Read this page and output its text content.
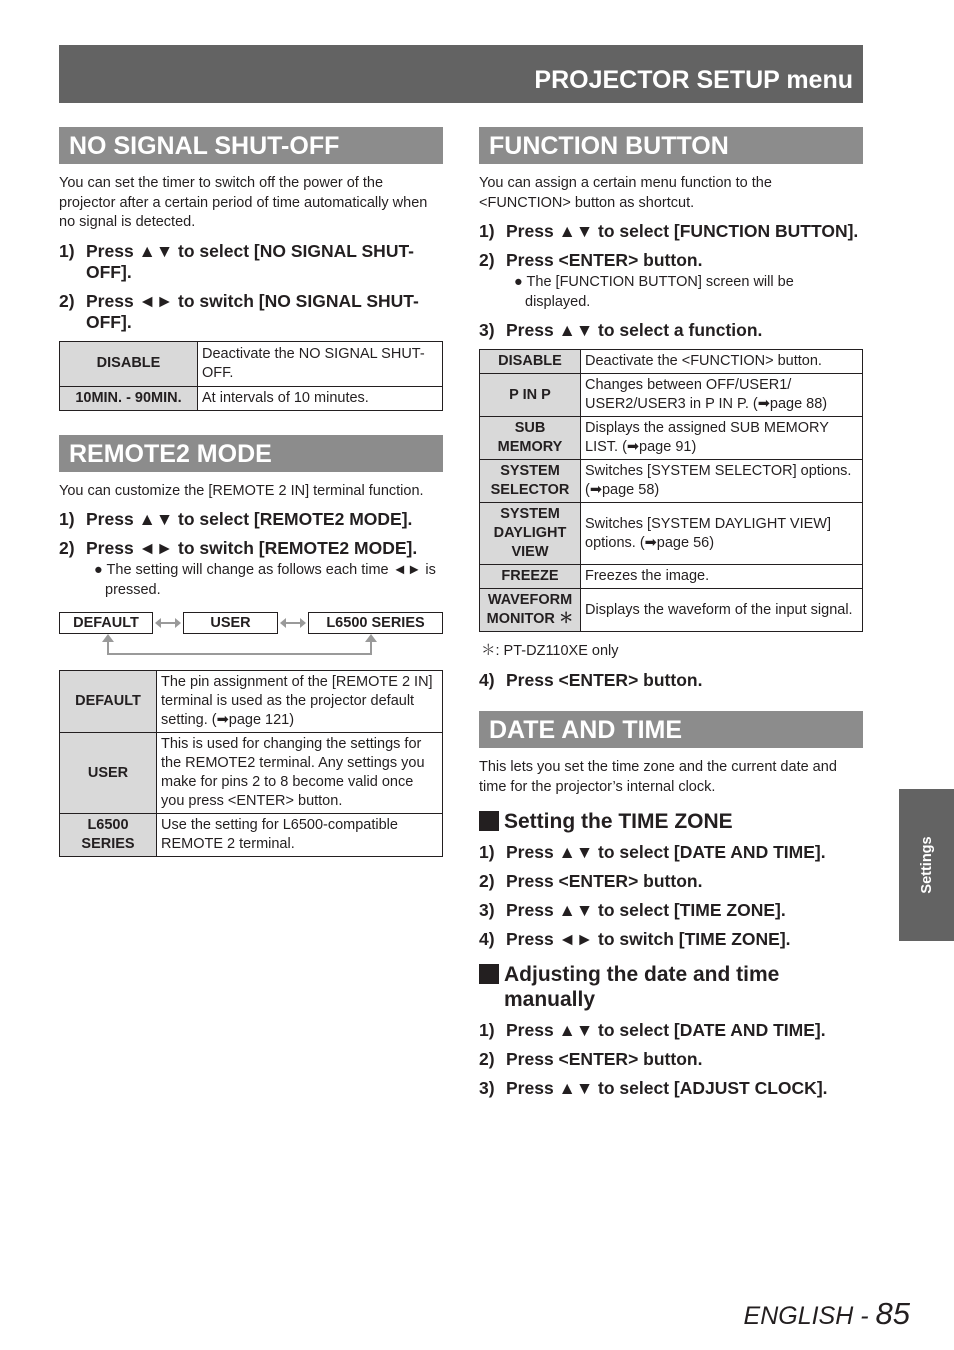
PROJECTOR SETUP menu
NO SIGNAL SHUT-OFF
You can set the timer to switch off the power of the projector after a certain period of time automatically when no signal is detected.
1) Press ▲▼ to select [NO SIGNAL SHUT-OFF].
2) Press ◄► to switch [NO SIGNAL SHUT-OFF].
DISABLE	Deactivate the NO SIGNAL SHUT-OFF.
10MIN. - 90MIN.	At intervals of 10 minutes.
REMOTE2 MODE
You can customize the [REMOTE 2 IN] terminal function.
1) Press ▲▼ to select [REMOTE2 MODE].
2) Press ◄► to switch [REMOTE2 MODE].
● The setting will change as follows each time ◄► is pressed.
DEFAULT	USER	L6500 SERIES
DEFAULT	The pin assignment of the [REMOTE 2 IN] terminal is used as the projector default setting. (➡page 121)
USER	This is used for changing the settings for the REMOTE2 terminal. Any settings you make for pins 2 to 8 become valid once you press <ENTER> button.
L6500 SERIES	Use the setting for L6500-compatible REMOTE 2 terminal.
FUNCTION BUTTON
You can assign a certain menu function to the <FUNCTION> button as shortcut.
1) Press ▲▼ to select [FUNCTION BUTTON].
2) Press <ENTER> button.
● The [FUNCTION BUTTON] screen will be displayed.
3) Press ▲▼ to select a function.
DISABLE	Deactivate the <FUNCTION> button.
P IN P	Changes between OFF/USER1/ USER2/USER3 in P IN P. (➡page 88)
SUB MEMORY	Displays the assigned SUB MEMORY LIST. (➡page 91)
SYSTEM SELECTOR	Switches [SYSTEM SELECTOR] options. (➡page 58)
SYSTEM DAYLIGHT VIEW	Switches [SYSTEM DAYLIGHT VIEW] options. (➡page 56)
FREEZE	Freezes the image.
WAVEFORM MONITOR ＊	Displays the waveform of the input signal.
＊: PT-DZ110XE only
4) Press <ENTER> button.
DATE AND TIME
This lets you set the time zone and the current date and time for the projector’s internal clock.
Setting the TIME ZONE
1) Press ▲▼ to select [DATE AND TIME].
2) Press <ENTER> button.
3) Press ▲▼ to select [TIME ZONE].
4) Press ◄► to switch [TIME ZONE].
Adjusting the date and time manually
1) Press ▲▼ to select [DATE AND TIME].
2) Press <ENTER> button.
3) Press ▲▼ to select [ADJUST CLOCK].
Settings
ENGLISH - 85
